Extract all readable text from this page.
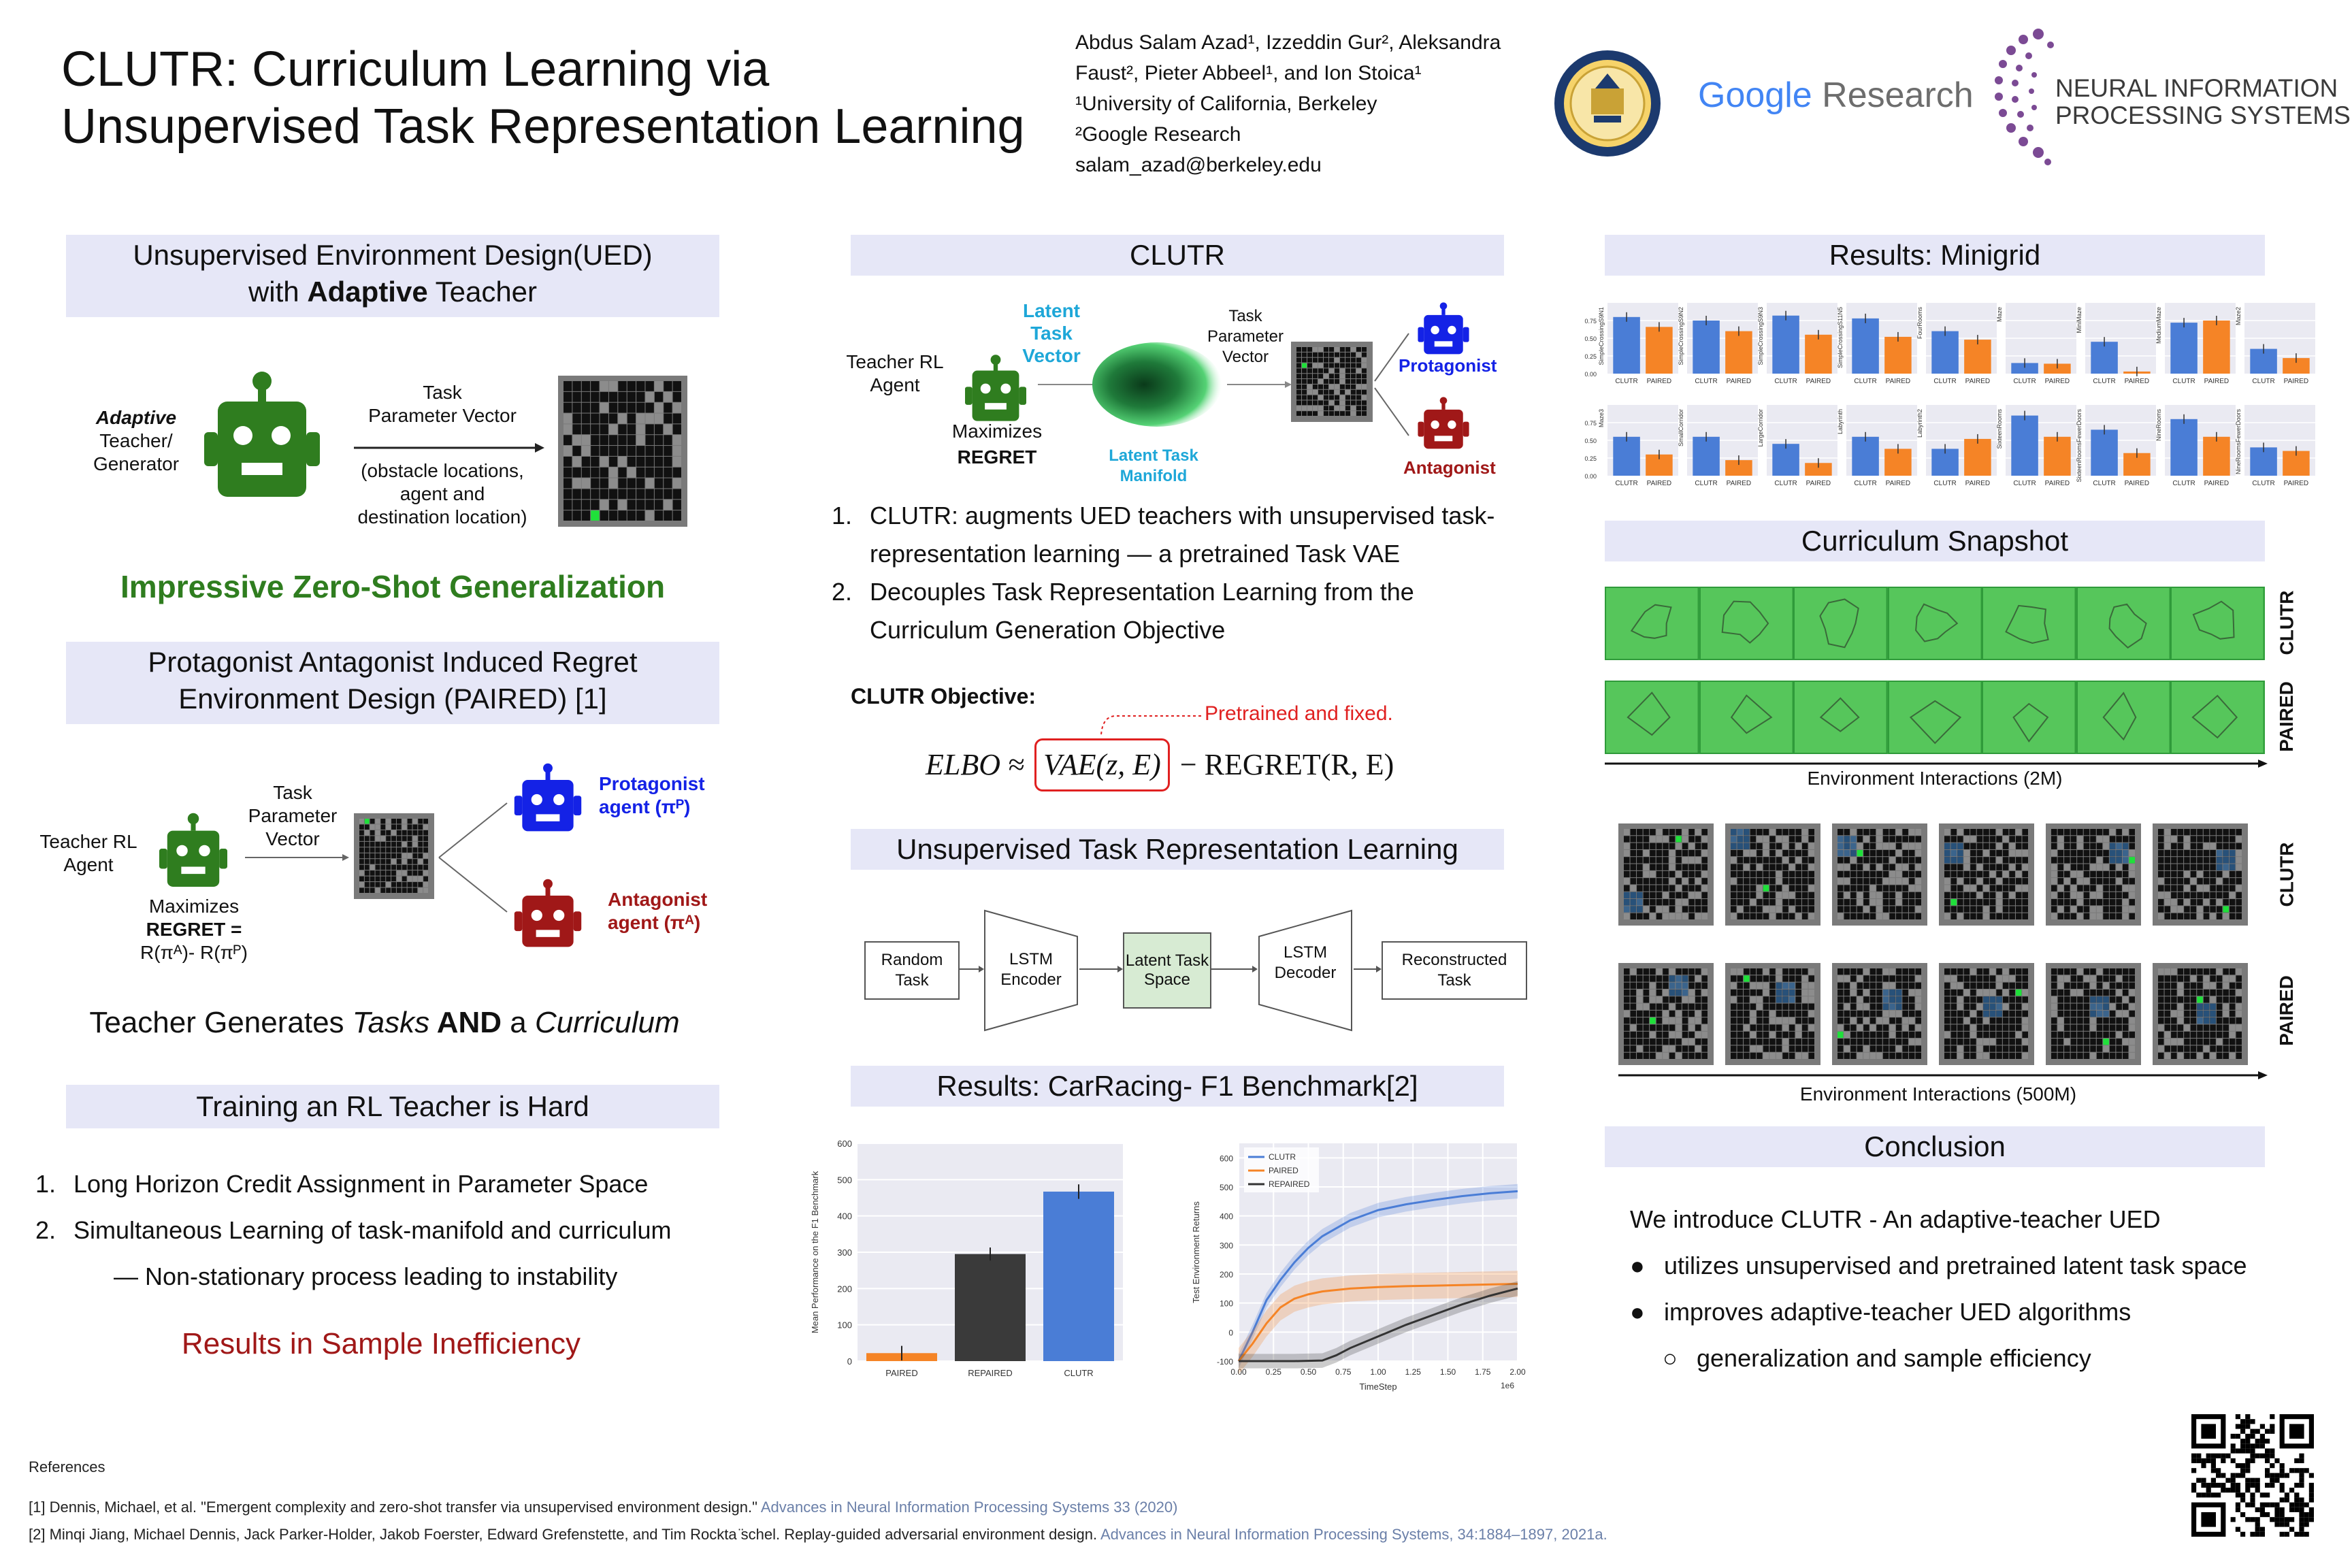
CLUTR: Curriculum Learning via Unsupervised Task Representation Learning
Abdus Salam Azad¹, Izzeddin Gur², Aleksandra
Faust², Pieter Abbeel¹, and Ion Stoica¹
¹University of California, Berkeley
²Google Research
salam_azad@berkeley.edu
Google Research	NEURAL INFORMATION
PROCESSING SYSTEMS
Unsupervised Environment Design(UED)
with Adaptive Teacher
Adaptive
Teacher/
Generator
Task
Parameter Vector
(obstacle locations,
agent and
destination location)
Impressive Zero-Shot Generalization
Protagonist Antagonist Induced Regret
Environment Design (PAIRED) [1]
Teacher RL
Agent
Maximizes
REGRET =
R(πᴬ)- R(πᴾ)
Task
Parameter
Vector
Protagonist
agent (πᴾ)
Antagonist
agent (πᴬ)
Teacher Generates Tasks AND a Curriculum
Training an RL Teacher is Hard
1. Long Horizon Credit Assignment in Parameter Space
2. Simultaneous Learning of task-manifold and curriculum
— Non-stationary process leading to instability
Results in Sample Inefficiency
CLUTR
Teacher RL
Agent
Maximizes
REGRET
Latent
Task
Vector
Latent Task
Manifold
Task
Parameter
Vector	Protagonist
Antagonist
1. CLUTR: augments UED teachers with unsupervised task-representation learning — a pretrained Task VAE
2. Decouples Task Representation Learning from the Curriculum Generation Objective
CLUTR Objective:
Pretrained and fixed.
ELBO ≈ VAE(z, E) − REGRET(R, E)
Unsupervised Task Representation Learning
Random Task
LSTM Encoder
Latent Task Space
LSTM Decoder
Reconstructed Task
Results: CarRacing- F1 Benchmark[2]
0
100
200
300
400
500
600
PAIRED	REPAIRED	CLUTR
Mean Performance on the F1 Benchmark
-100
0
100
200
300
400
500
600
0.00 0.25 0.50 0.75 1.00 1.25 1.50 1.75 2.00
CLUTR
PAIRED
REPAIRED
TimeStep	1e6
Test Environment Returns
Results: Minigrid
CLUTR PAIRED
SimpleCrossingS9N1
0.00
0.25
0.50
0.75
CLUTR PAIRED
SimpleCrossingS9N2
CLUTR PAIRED
SimpleCrossingS9N3
CLUTR PAIRED
SimpleCrossingS11N5
CLUTR PAIRED
FourRooms
CLUTR PAIRED
Maze
CLUTR PAIRED
MiniMaze
CLUTR PAIRED
MediumMaze
CLUTR PAIRED
Maze2
CLUTR PAIRED
Maze3
0.00
0.25
0.50
0.75
CLUTR PAIRED
SmallCorridor
CLUTR PAIRED
LargeCorridor
CLUTR PAIRED
Labyrinth
CLUTR PAIRED
Labyrinth2
CLUTR PAIRED
SixteenRooms
CLUTR PAIRED
SixteenRoomsFewerDoors
CLUTR PAIRED
NineRooms
CLUTR PAIRED
NineRoomsFewerDoors
Curriculum Snapshot
CLUTR
PAIRED
Environment Interactions (2M)
CLUTR
PAIRED
Environment Interactions (500M)
Conclusion
We introduce CLUTR - An adaptive-teacher UED
● utilizes unsupervised and pretrained latent task space
● improves adaptive-teacher UED algorithms
○ generalization and sample efficiency
References
[1] Dennis, Michael, et al. "Emergent complexity and zero-shot transfer via unsupervised environment design." Advances in Neural Information Processing Systems 33 (2020)
[2] Minqi Jiang, Michael Dennis, Jack Parker-Holder, Jakob Foerster, Edward Grefenstette, and Tim Rockta ̈schel. Replay-guided adversarial environment design. Advances in Neural Information Processing Systems, 34:1884–1897, 2021a.
